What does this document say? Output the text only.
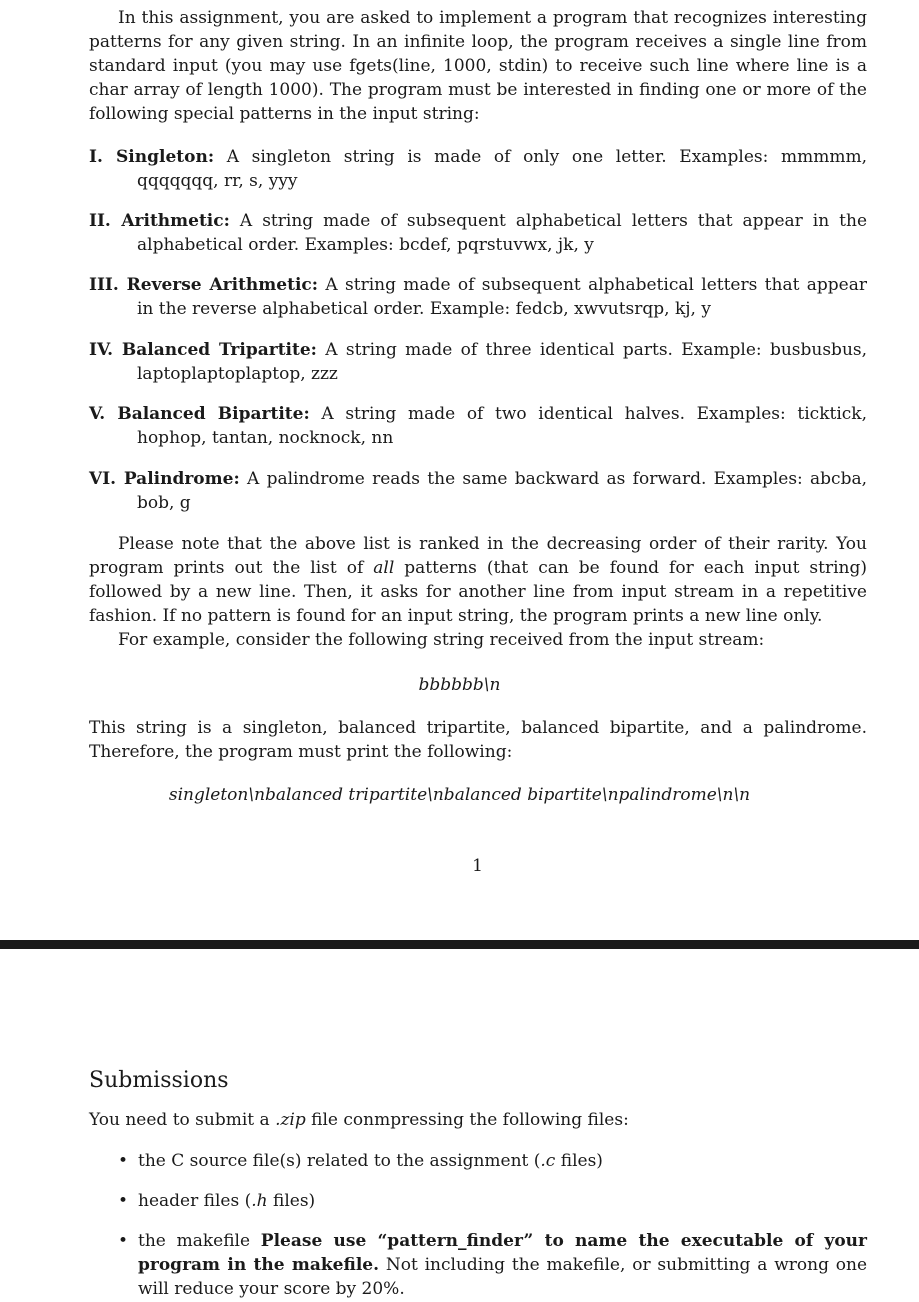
In this assignment, you are asked to implement a program that recognizes interesting patterns for any given string. In an infinite loop, the program receives a single line from standard input (you may use fgets(line, 1000, stdin) to receive such line where line is a char array of length 1000). The program must be interested in finding one or more of the following special patterns in the input string:
I. Singleton: A singleton string is made of only one letter. Examples: mmmmm, qqqqqqq, rr, s, yyy
II. Arithmetic: A string made of subsequent alphabetical letters that appear in the alphabetical order. Examples: bcdef, pqrstuvwx, jk, y
III. Reverse Arithmetic: A string made of subsequent alphabetical letters that appear in the reverse alphabetical order. Example: fedcb, xwvutsrqp, kj, y
IV. Balanced Tripartite: A string made of three identical parts. Example: busbusbus, laptoplaptoplaptop, zzz
V. Balanced Bipartite: A string made of two identical halves. Examples: ticktick, hophop, tantan, nocknock, nn
VI. Palindrome: A palindrome reads the same backward as forward. Examples: abcba, bob, g
Please note that the above list is ranked in the decreasing order of their rarity. You program prints out the list of all patterns (that can be found for each input string) followed by a new line. Then, it asks for another line from input stream in a repetitive fashion. If no pattern is found for an input string, the program prints a new line only.
For example, consider the following string received from the input stream:
bbbbbb\n
This string is a singleton, balanced tripartite, balanced bipartite, and a palindrome. Therefore, the program must print the following:
singleton\nbalanced tripartite\nbalanced bipartite\npalindrome\n\n
1
Submissions
You need to submit a .zip file conmpressing the following files:
• the C source file(s) related to the assignment (.c files)
• header files (.h files)
• the makefile Please use “pattern_finder” to name the executable of your program in the makefile. Not including the makefile, or submitting a wrong one will reduce your score by 20%.
